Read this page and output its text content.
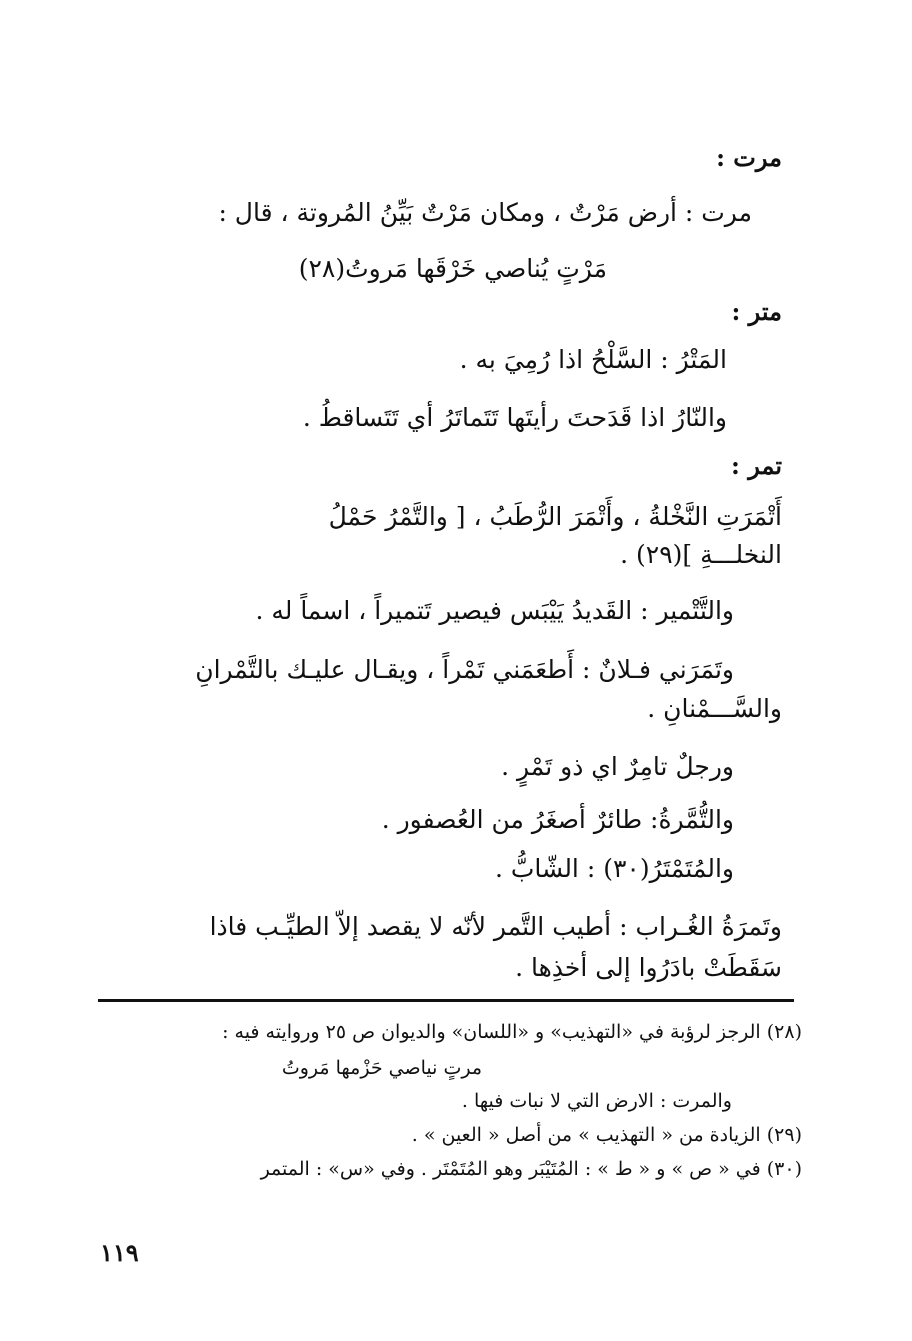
مرت :
مرت : أرض مَرْتٌ ، ومكان مَرْتٌ بَيِّنُ المُروتة ، قال :
مَرْتٍ يُناصي خَرْقَها مَروتُ(٢٨)
متر :
المَتْرُ : السَّلْحُ اذا رُمِيَ به .
والنّارُ اذا قَدَحتَ رأيتَها تَتَماتَرُ أي تَتَساقطُ .
تمر :
أَتْمَرَتِ النَّخْلةُ ، وأَتْمَرَ الرُّطَبُ ، [ والتَّمْرُ حَمْلُ
النخلـــةِ ](٢٩) .
والتَّتْمير : القَديدُ يَيْبَس فيصير تَتميراً ، اسماً له .
وتَمَرَني فـلانٌ : أَطعَمَني تَمْراً ، ويقـال عليـك بالتَّمْرانِ
والسَّـــمْنانِ .
ورجلٌ تامِرٌ اي ذو تَمْرٍ .
والتُّمَّرةُ: طائرٌ أصغَرُ من العُصفور .
والمُتَمْتَرُ(٣٠) : الشّابُّ .
وتَمرَةُ الغُـراب : أطيب التَّمر لأنّه لا يقصد إلاّ الطيِّـب فاذا
سَقَطَتْ بادَرُوا إلى أخذِها .
(٢٨) الرجز لرؤبة في «التهذيب» و «اللسان» والديوان ص ٢٥ وروايته فيه :
مرتٍ نياصي حَزْمها مَروتُ
والمرت : الارض التي لا نبات فيها .
(٢٩) الزيادة من « التهذيب » من أصل « العين » .
(٣٠) في « ص » و « ط » : المُتَيْبَر وهو المُتَمْتَر . وفي «س» : المتمر
١١٩
